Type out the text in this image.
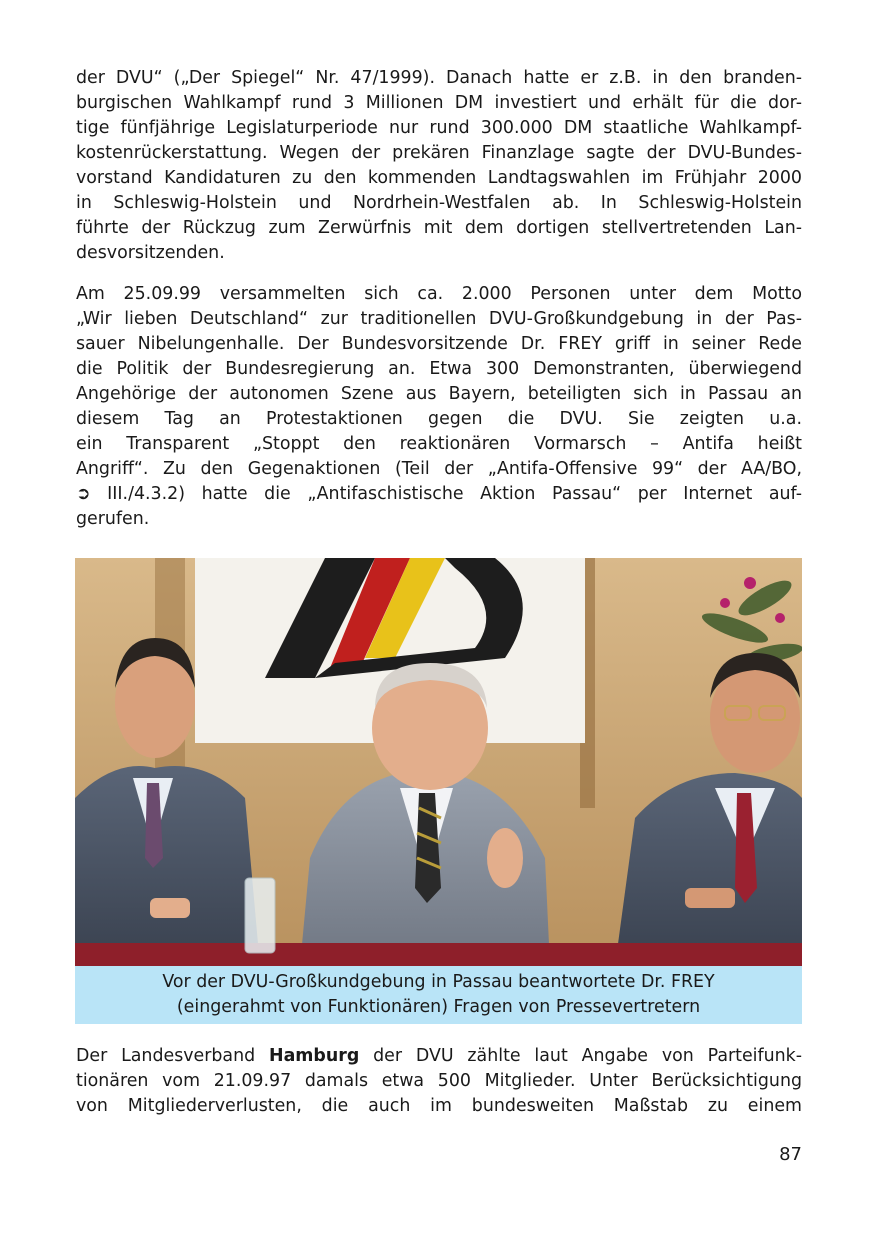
der DVU“ („Der Spiegel“ Nr. 47/1999). Danach hatte er z.B. in den branden-
burgischen Wahlkampf rund 3 Millionen DM investiert und erhält für die dor-
tige fünfjährige Legislaturperiode nur rund 300.000 DM staatliche Wahlkampf-
kostenrückerstattung. Wegen der prekären Finanzlage sagte der DVU-Bundes-
vorstand Kandidaturen zu den kommenden Landtagswahlen im Frühjahr 2000
in Schleswig-Holstein und Nordrhein-Westfalen ab. In Schleswig-Holstein
führte der Rückzug zum Zerwürfnis mit dem dortigen stellvertretenden Lan-
desvorsitzenden.

Am 25.09.99 versammelten sich ca. 2.000 Personen unter dem Motto
„Wir lieben Deutschland“ zur traditionellen DVU-Großkundgebung in der Pas-
sauer Nibelungenhalle. Der Bundesvorsitzende Dr. FREY griff in seiner Rede
die Politik der Bundesregierung an. Etwa 300 Demonstranten, überwiegend
Angehörige der autonomen Szene aus Bayern, beteiligten sich in Passau an
diesem Tag an Protestaktionen gegen die DVU. Sie zeigten u.a.
ein Transparent „Stoppt den reaktionären Vormarsch – Antifa heißt
Angriff“. Zu den Gegenaktionen (Teil der „Antifa-Offensive 99“ der AA/BO,
➲ III./4.3.2) hatte die „Antifaschistische Aktion Passau“ per Internet auf-
gerufen.

Vor der DVU-Großkundgebung in Passau beantwortete Dr. FREY
(eingerahmt von Funktionären) Fragen von Pressevertretern

Der Landesverband Hamburg der DVU zählte laut Angabe von Parteifunk-
tionären vom 21.09.97 damals etwa 500 Mitglieder. Unter Berücksichtigung
von Mitgliederverlusten, die auch im bundesweiten Maßstab zu einem

87
